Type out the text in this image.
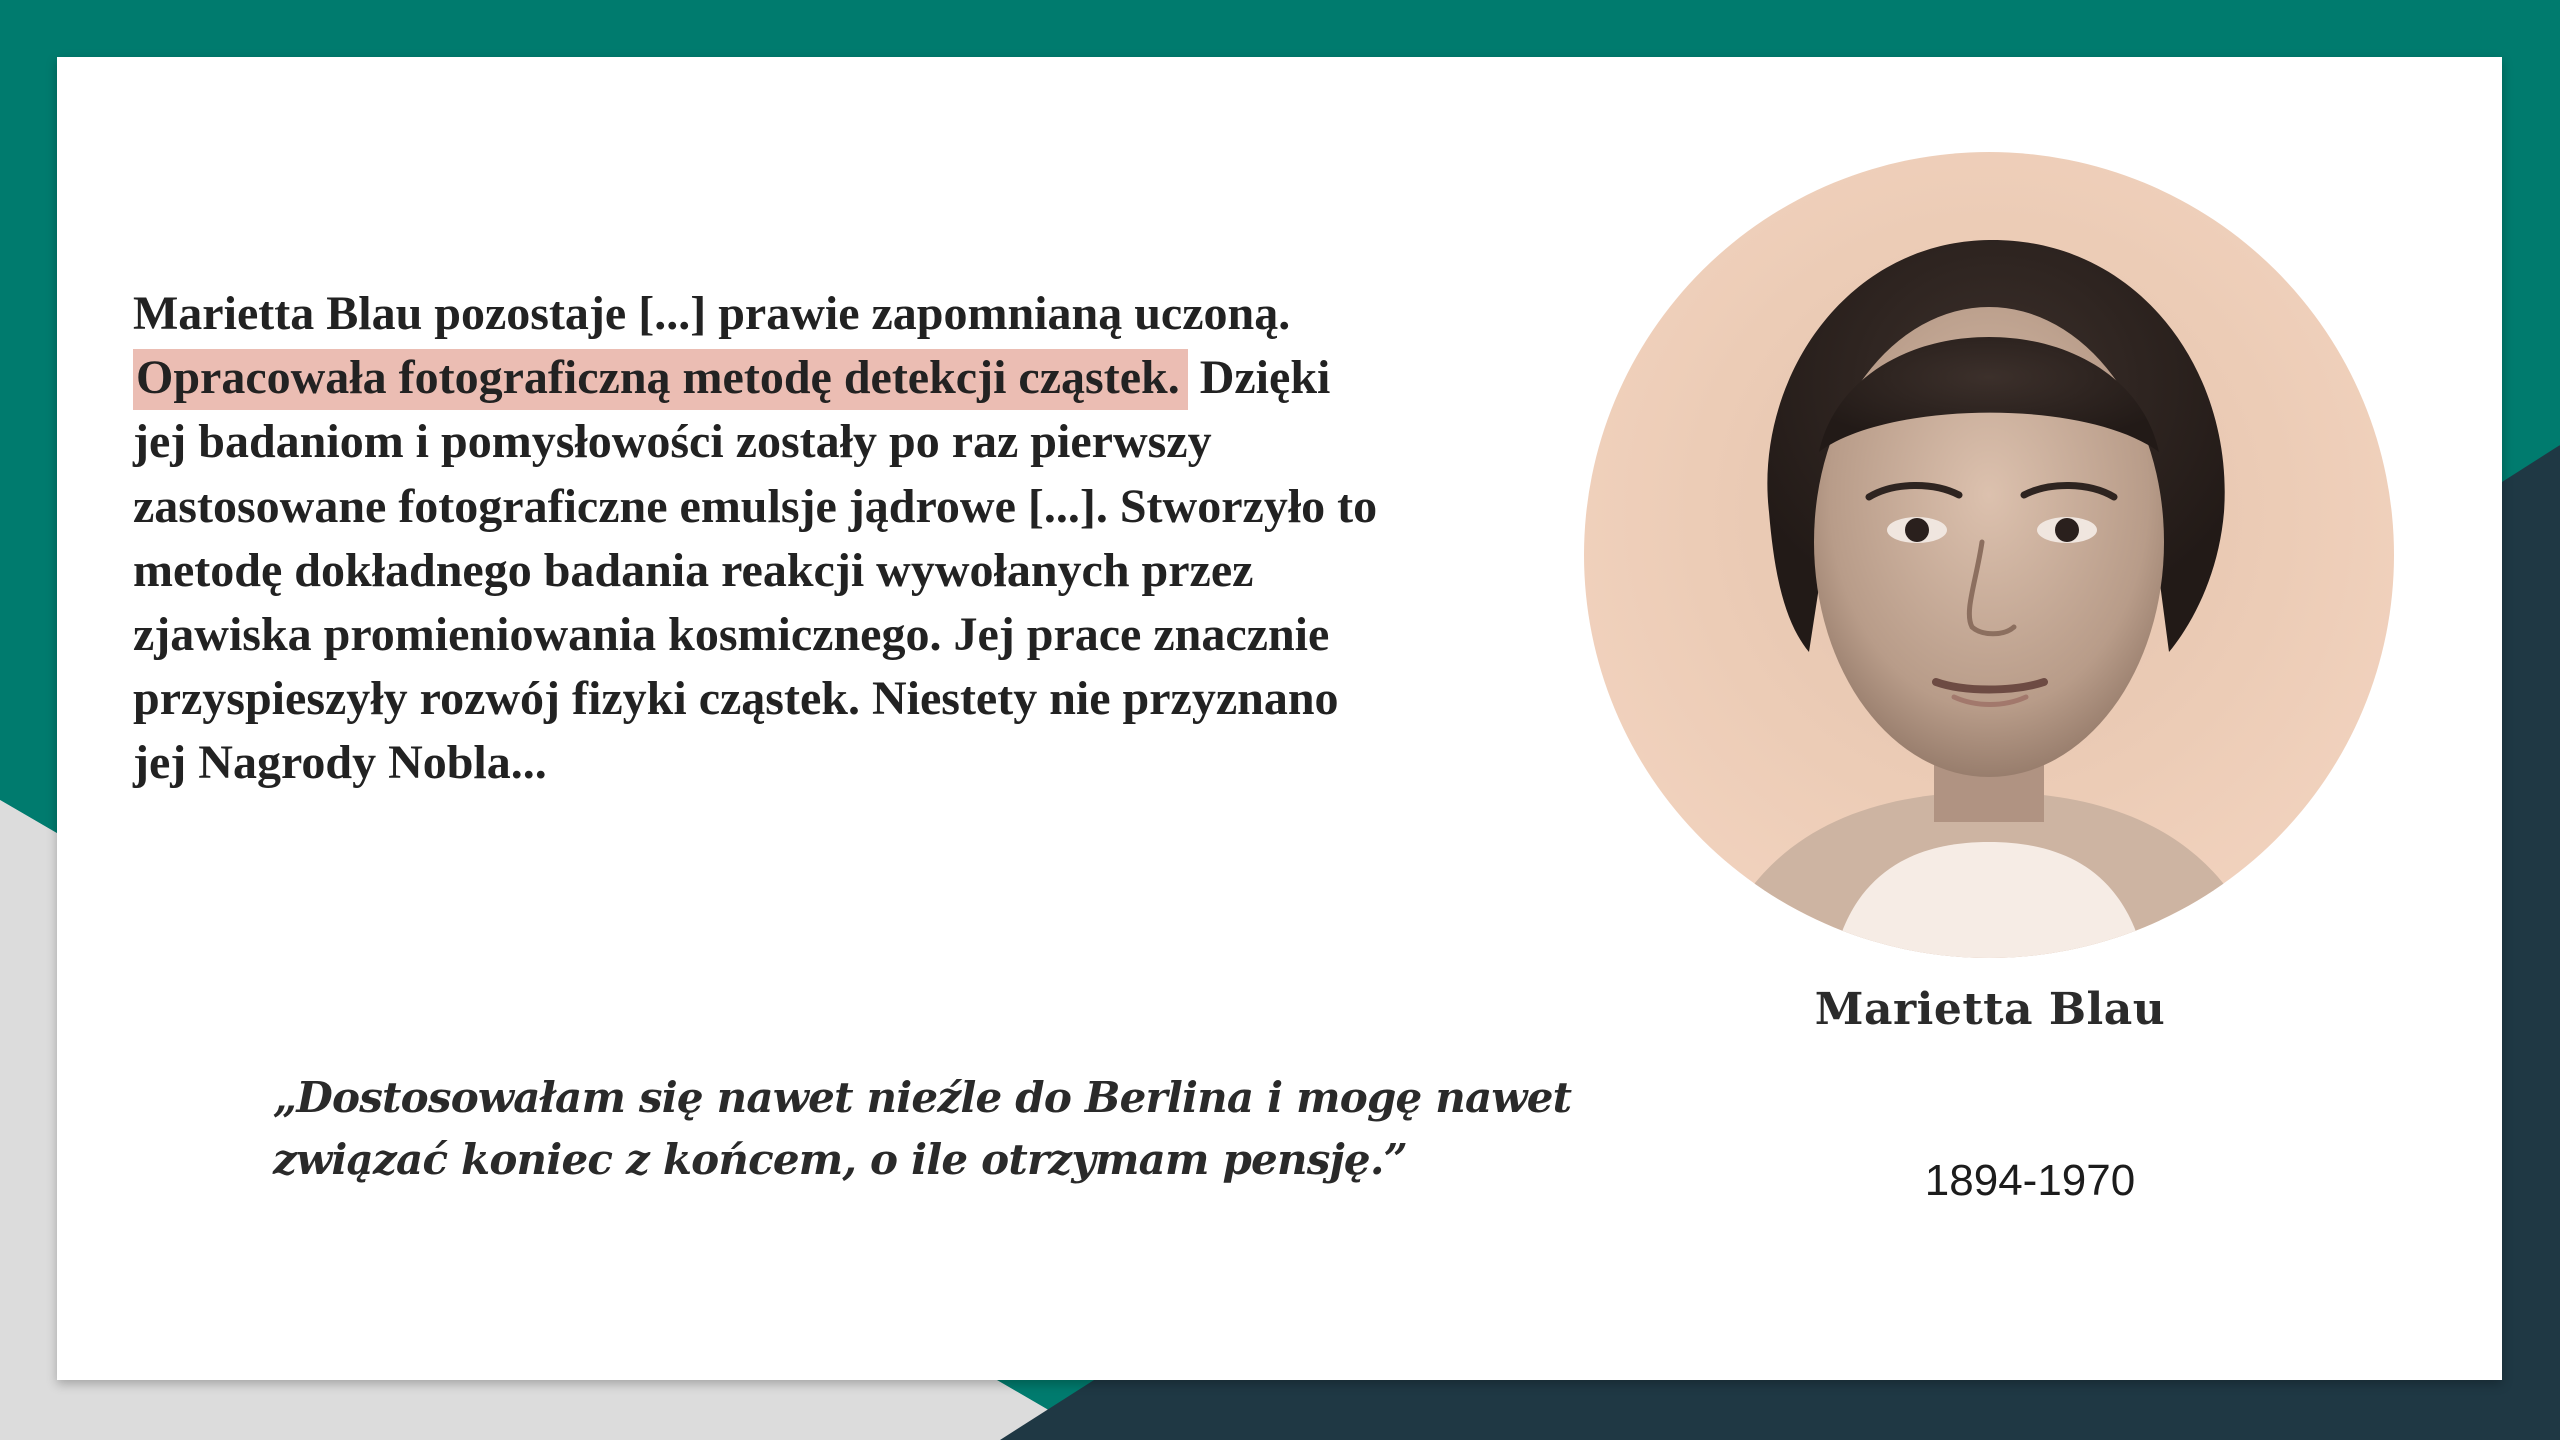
Marietta Blau pozostaje [...] prawie zapomnianą uczoną. Opracowała fotograficzną metodę detekcji cząstek. Dzięki jej badaniom i pomysłowości zostały po raz pierwszy zastosowane fotograficzne emulsje jądrowe [...]. Stworzyło to metodę dokładnego badania reakcji wywołanych przez zjawiska promieniowania kosmicznego. Jej prace znacznie przyspieszyły rozwój fizyki cząstek. Niestety nie przyznano jej Nagrody Nobla...

Marietta Blau

„Dostosowałam się nawet nieźle do Berlina i mogę nawet związać koniec z końcem, o ile otrzymam pensję.”	1894-1970
